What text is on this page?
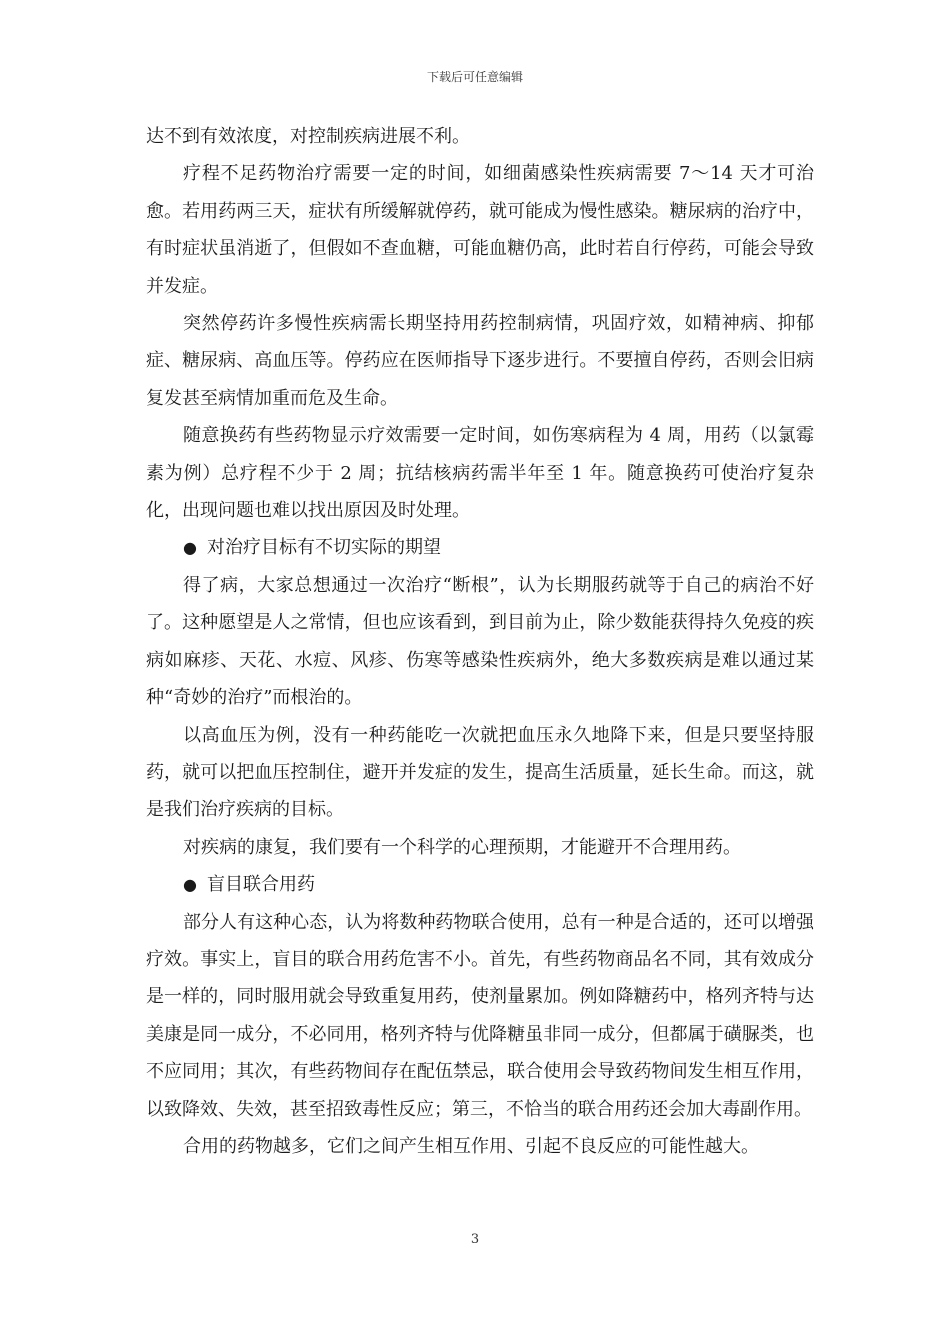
下载后可任意编辑

达不到有效浓度，对控制疾病进展不利。

疗程不足药物治疗需要一定的时间，如细菌感染性疾病需要 7～14 天才可治愈。若用药两三天，症状有所缓解就停药，就可能成为慢性感染。糖尿病的治疗中，有时症状虽消逝了，但假如不查血糖，可能血糖仍高，此时若自行停药，可能会导致并发症。

突然停药许多慢性疾病需长期坚持用药控制病情，巩固疗效，如精神病、抑郁症、糖尿病、高血压等。停药应在医师指导下逐步进行。不要擅自停药，否则会旧病复发甚至病情加重而危及生命。

随意换药有些药物显示疗效需要一定时间，如伤寒病程为 4 周，用药（以氯霉素为例）总疗程不少于 2 周；抗结核病药需半年至 1 年。随意换药可使治疗复杂化，出现问题也难以找出原因及时处理。

● 对治疗目标有不切实际的期望

得了病，大家总想通过一次治疗“断根”，认为长期服药就等于自己的病治不好了。这种愿望是人之常情，但也应该看到，到目前为止，除少数能获得持久免疫的疾病如麻疹、天花、水痘、风疹、伤寒等感染性疾病外，绝大多数疾病是难以通过某种“奇妙的治疗”而根治的。

以高血压为例，没有一种药能吃一次就把血压永久地降下来，但是只要坚持服药，就可以把血压控制住，避开并发症的发生，提高生活质量，延长生命。而这，就是我们治疗疾病的目标。

对疾病的康复，我们要有一个科学的心理预期，才能避开不合理用药。

● 盲目联合用药

部分人有这种心态，认为将数种药物联合使用，总有一种是合适的，还可以增强疗效。事实上，盲目的联合用药危害不小。首先，有些药物商品名不同，其有效成分是一样的，同时服用就会导致重复用药，使剂量累加。例如降糖药中，格列齐特与达美康是同一成分，不必同用，格列齐特与优降糖虽非同一成分，但都属于磺脲类，也不应同用；其次，有些药物间存在配伍禁忌，联合使用会导致药物间发生相互作用，以致降效、失效，甚至招致毒性反应；第三，不恰当的联合用药还会加大毒副作用。

合用的药物越多，它们之间产生相互作用、引起不良反应的可能性越大。

3
